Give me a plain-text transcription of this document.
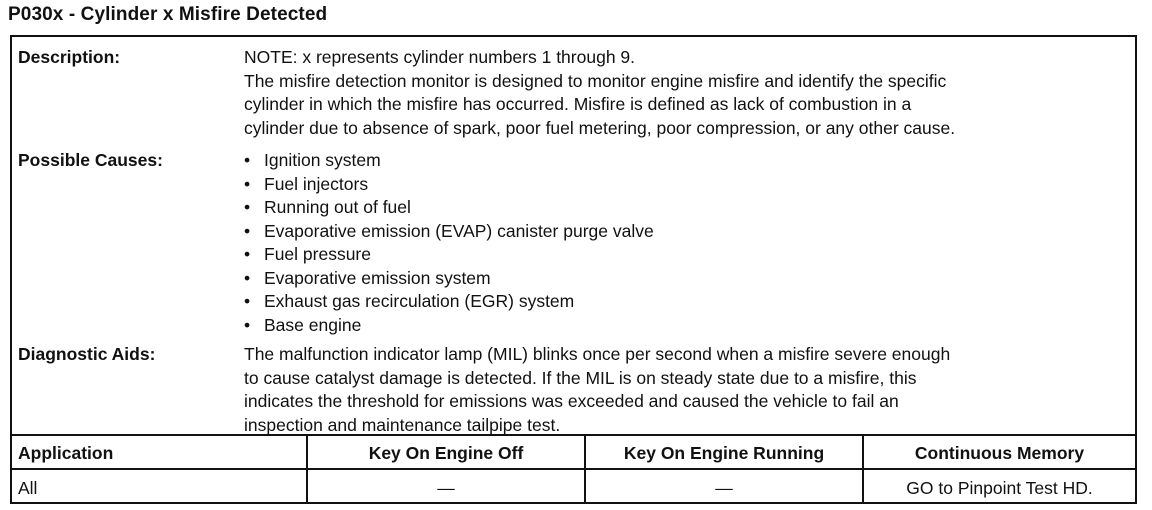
P030x - Cylinder x Misfire Detected
Description:	NOTE: x represents cylinder numbers 1 through 9.
The misfire detection monitor is designed to monitor engine misfire and identify the specific
cylinder in which the misfire has occurred. Misfire is defined as lack of combustion in a
cylinder due to absence of spark, poor fuel metering, poor compression, or any other cause.
Possible Causes:	• Ignition system
• Fuel injectors
• Running out of fuel
• Evaporative emission (EVAP) canister purge valve
• Fuel pressure
• Evaporative emission system
• Exhaust gas recirculation (EGR) system
• Base engine
Diagnostic Aids:	The malfunction indicator lamp (MIL) blinks once per second when a misfire severe enough
to cause catalyst damage is detected. If the MIL is on steady state due to a misfire, this
indicates the threshold for emissions was exceeded and caused the vehicle to fail an
inspection and maintenance tailpipe test.
Application	Key On Engine Off	Key On Engine Running	Continuous Memory
All	—	—	GO to Pinpoint Test HD.
